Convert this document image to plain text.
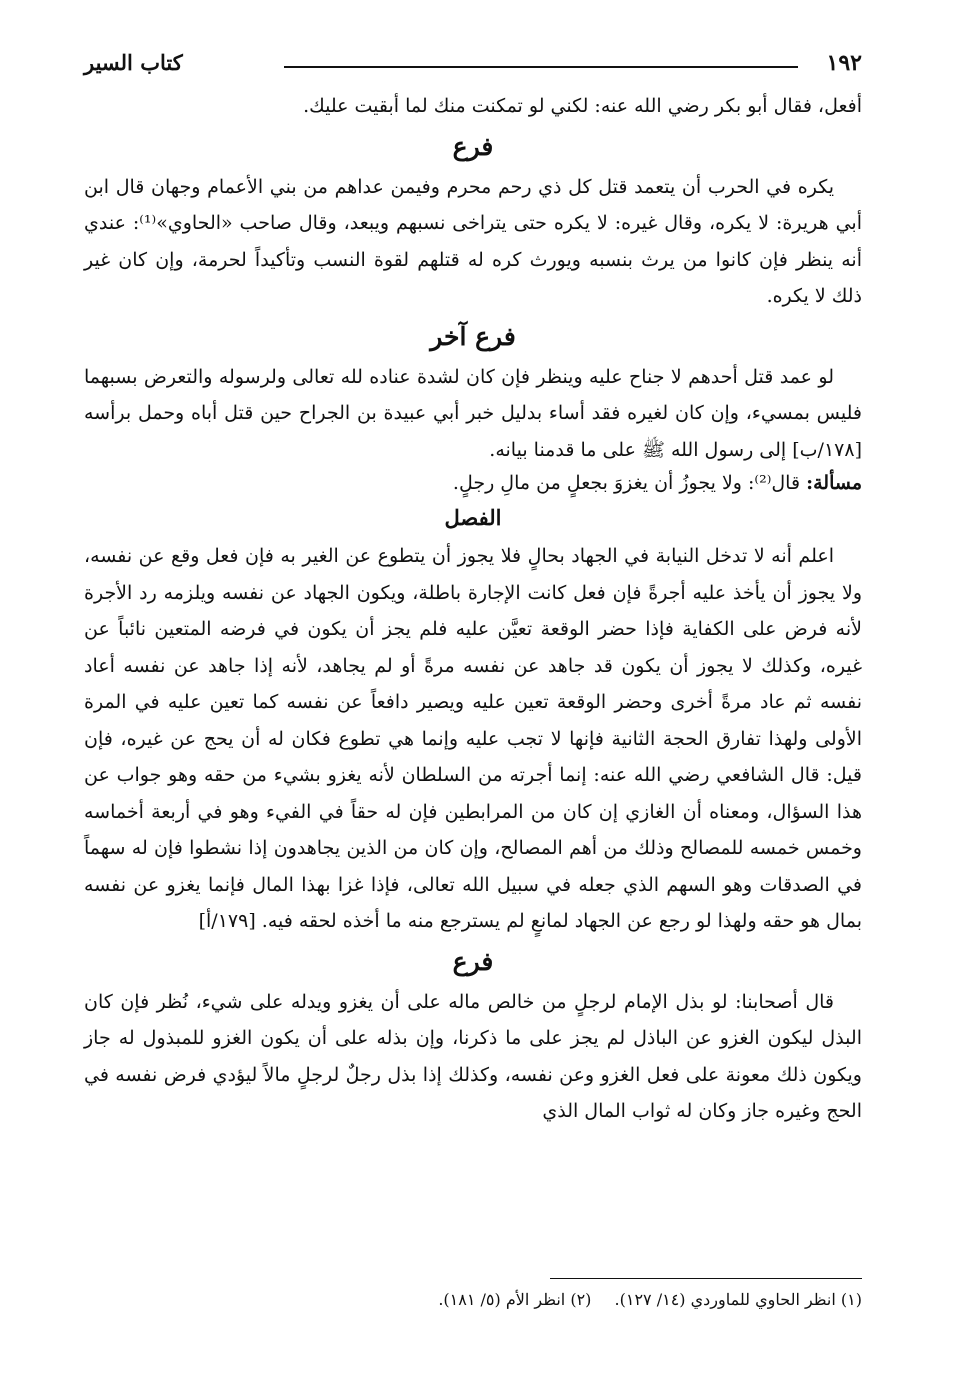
١٩٢
كتاب السير

أفعل، فقال أبو بكر رضي الله عنه: لكني لو تمكنت منك لما أبقيت عليك.

فرع

يكره في الحرب أن يتعمد قتل كل ذي رحم محرم وفيمن عداهم من بني الأعمام وجهان قال ابن أبي هريرة: لا يكره، وقال غيره: لا يكره حتى يتراخى نسبهم ويبعد، وقال صاحب «الحاوي»⁽¹⁾: عندي أنه ينظر فإن كانوا من يرث بنسبه ويورث كره له قتلهم لقوة النسب وتأكيداً لحرمة، وإن كان غير ذلك لا يكره.

فرع آخر

لو عمد قتل أحدهم لا جناح عليه وينظر فإن كان لشدة عناده لله تعالى ولرسوله والتعرض بسبهما فليس بمسيء، وإن كان لغيره فقد أساء بدليل خبر أبي عبيدة بن الجراح حين قتل أباه وحمل برأسه [١٧٨/ب] إلى رسول الله ﷺ على ما قدمنا بيانه.

مسألة: قال⁽²⁾: ولا يجوزُ أن يغزوَ بجعلٍ من مالِ رجلٍ.

الفصل

اعلم أنه لا تدخل النيابة في الجهاد بحالٍ فلا يجوز أن يتطوع عن الغير به فإن فعل وقع عن نفسه، ولا يجوز أن يأخذ عليه أجرةً فإن فعل كانت الإجارة باطلة، ويكون الجهاد عن نفسه ويلزمه رد الأجرة لأنه فرض على الكفاية فإذا حضر الوقعة تعيَّن عليه فلم يجز أن يكون في فرضه المتعين نائباً عن غيره، وكذلك لا يجوز أن يكون قد جاهد عن نفسه مرةً أو لم يجاهد، لأنه إذا جاهد عن نفسه أعاد نفسه ثم عاد مرةً أخرى وحضر الوقعة تعين عليه ويصير دافعاً عن نفسه كما تعين عليه في المرة الأولى ولهذا تفارق الحجة الثانية فإنها لا تجب عليه وإنما هي تطوع فكان له أن يحج عن غيره، فإن قيل: قال الشافعي رضي الله عنه: إنما أجرته من السلطان لأنه يغزو بشيء من حقه وهو جواب عن هذا السؤال، ومعناه أن الغازي إن كان من المرابطين فإن له حقاً في الفيء وهو في أربعة أخماسه وخمس خمسه للمصالح وذلك من أهم المصالح، وإن كان من الذين يجاهدون إذا نشطوا فإن له سهماً في الصدقات وهو السهم الذي جعله في سبيل الله تعالى، فإذا غزا بهذا المال فإنما يغزو عن نفسه بمال هو حقه ولهذا لو رجع عن الجهاد لمانعٍ لم يسترجع منه ما أخذه لحقه فيه. [١٧٩/أ]

فرع

قال أصحابنا: لو بذل الإمام لرجلٍ من خالص ماله على أن يغزو ويدله على شيء، نُظر فإن كان البذل ليكون الغزو عن الباذل لم يجز على ما ذكرنا، وإن بذله على أن يكون الغزو للمبذول له جاز ويكون ذلك معونة على فعل الغزو وعن نفسه، وكذلك إذا بذل رجلٌ لرجلٍ مالاً ليؤدي فرض نفسه في الحج وغيره جاز وكان له ثواب المال الذي

(١) انظر الحاوي للماوردي (١٤/ ١٢٧). (٢) انظر الأم (٥/ ١٨١).
